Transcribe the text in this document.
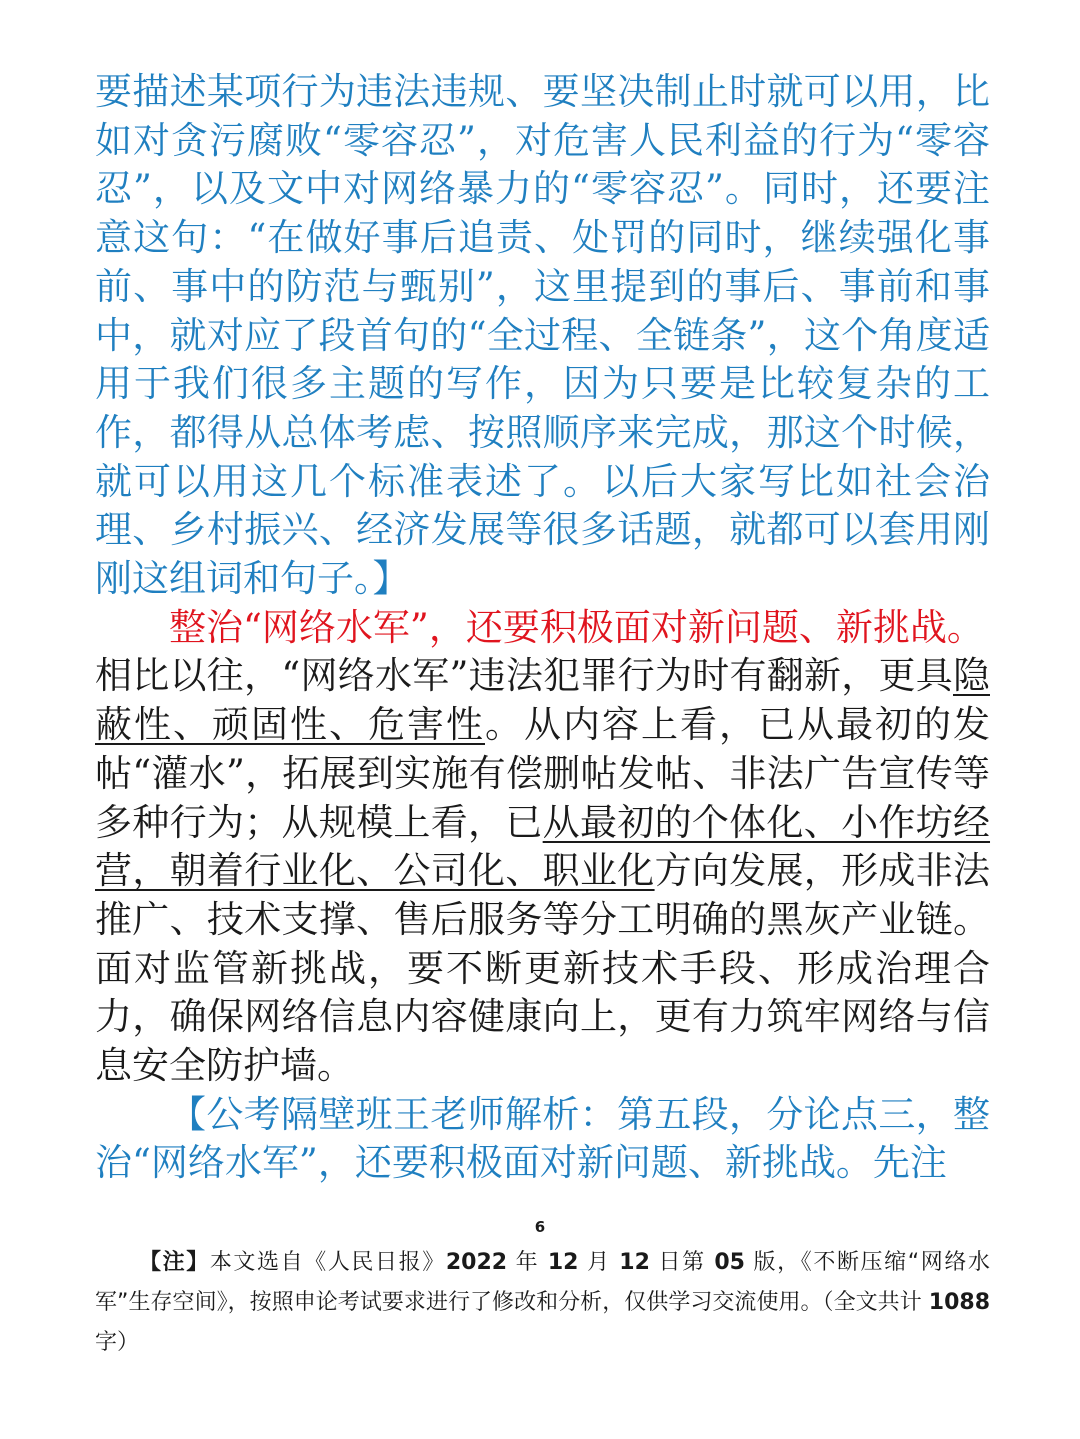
要描述某项行为违法违规、要坚决制止时就可以用，比如对贪污腐败“零容忍”，对危害人民利益的行为“零容忍”，以及文中对网络暴力的“零容忍”。同时，还要注意这句：“在做好事后追责、处罚的同时，继续强化事前、事中的防范与甄别”，这里提到的事后、事前和事中，就对应了段首句的“全过程、全链条”，这个角度适用于我们很多主题的写作，因为只要是比较复杂的工作，都得从总体考虑、按照顺序来完成，那这个时候，就可以用这几个标准表述了。以后大家写比如社会治理、乡村振兴、经济发展等很多话题，就都可以套用刚刚这组词和句子。】

整治“网络水军”，还要积极面对新问题、新挑战。

相比以往，“网络水军”违法犯罪行为时有翻新，更具隐蔽性、顽固性、危害性。从内容上看，已从最初的发帖“灌水”，拓展到实施有偿删帖发帖、非法广告宣传等多种行为；从规模上看，已从最初的个体化、小作坊经营，朝着行业化、公司化、职业化方向发展，形成非法推广、技术支撑、售后服务等分工明确的黑灰产业链。面对监管新挑战，要不断更新技术手段、形成治理合力，确保网络信息内容健康向上，更有力筑牢网络与信息安全防护墙。

【公考隔壁班王老师解析：第五段，分论点三，整治“网络水军”，还要积极面对新问题、新挑战。先注

6
【注】本文选自《人民日报》2022 年 12 月 12 日第 05 版，《不断压缩“网络水军”生存空间》，按照申论考试要求进行了修改和分析，仅供学习交流使用。（全文共计 1088 字）
